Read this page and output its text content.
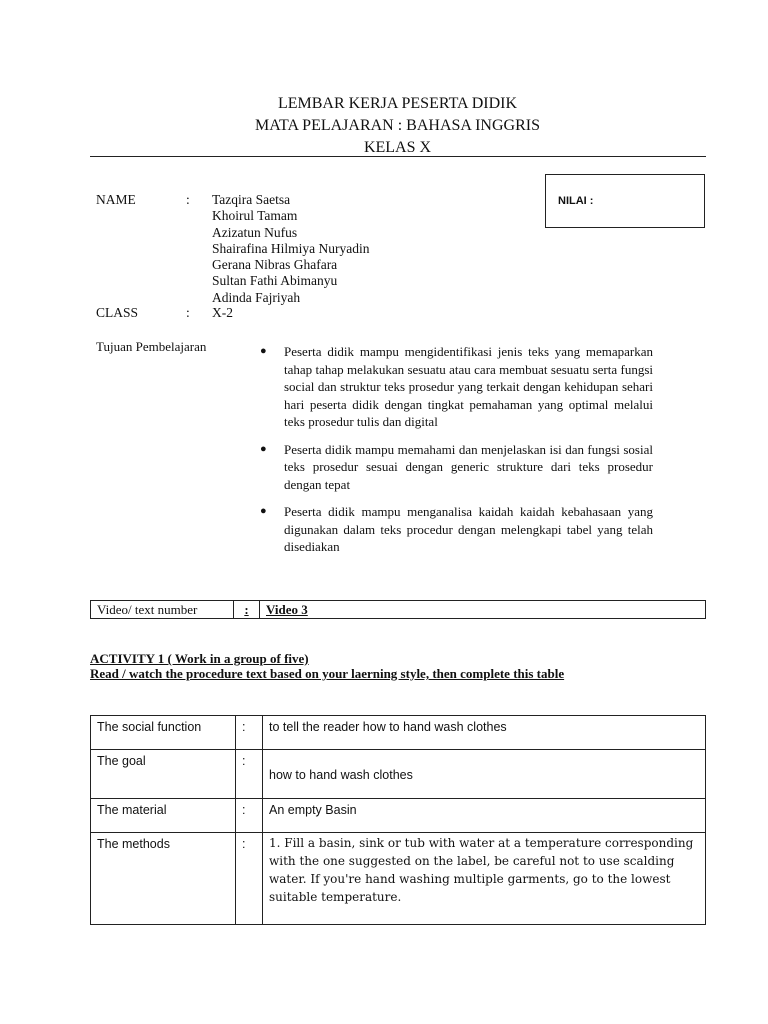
LEMBAR KERJA PESERTA DIDIK
MATA PELAJARAN : BAHASA INGGRIS
KELAS X
NAME	: Tazqira Saetsa
Khoirul Tamam
Azizatun Nufus
Shairafina Hilmiya Nuryadin
Gerana Nibras Ghafara
Sultan Fathi Abimanyu
Adinda Fajriyah
CLASS	: X-2
NILAI :
Tujuan Pembelajaran	● Peserta didik mampu mengidentifikasi jenis teks yang memaparkan tahap tahap melakukan sesuatu atau cara membuat sesuatu serta fungsi social dan struktur teks prosedur yang terkait dengan kehidupan sehari hari peserta didik dengan tingkat pemahaman yang optimal melalui teks prosedur tulis dan digital
● Peserta didik mampu memahami dan menjelaskan isi dan fungsi sosial teks prosedur sesuai dengan generic strukture dari teks prosedur dengan tepat
● Peserta didik mampu menganalisa kaidah kaidah kebahasaan yang digunakan dalam teks procedur dengan melengkapi tabel yang telah disediakan
Video/ text number	:	Video 3
ACTIVITY 1 ( Work in a group of five)
Read / watch the procedure text based on your laerning style, then complete this table
The social function	:	to tell the reader how to hand wash clothes
The goal	:	how to hand wash clothes
The material	:	An empty Basin
The methods	:	1. Fill a basin, sink or tub with water at a temperature corresponding with the one suggested on the label, be careful not to use scalding water. If you're hand washing multiple garments, go to the lowest suitable temperature.
